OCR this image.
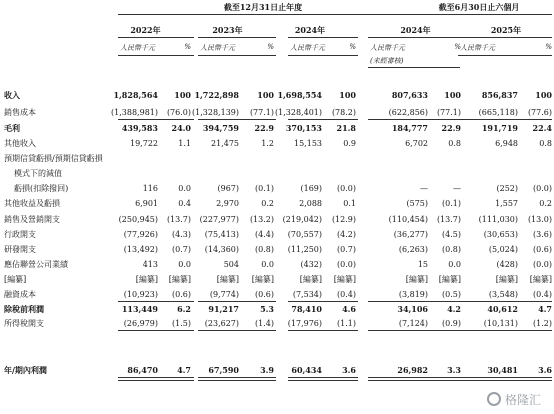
截至12月31日止年度	截至6月30日止六個月
2022年
人民幣千元	%
2023年
人民幣千元	%
2024年
人民幣千元	%
2024年
人民幣千元	%
2025年
人民幣千元	%
(未經審核)
收入	1,828,564	100 1,722,898	100 1,698,554	100	807,633	100	856,837	100
銷售成本	(1,388,981)	(76.0) (1,328,139)	(77.1) (1,328,401)	(78.2)	(622,856)	(77.1)	(665,118)	(77.6)
毛利	439,583	24.0	394,759	22.9	370,153	21.8	184,777	22.9	191,719	22.4
其他收入	19,722	1.1	21,475	1.2	15,153	0.9	6,702	0.8	6,948	0.8
預期信貸虧損/預期信貸虧損
模式下的減值
虧損(扣除撥回)	116	0.0	(967)	(0.1)	(169)	(0.0)	—	—	(252)	(0.0)
其他收益及虧損	6,901	0.4	2,970	0.2	2,088	0.1	(575)	(0.1)	1,557	0.2
銷售及營銷開支	(250,945)	(13.7)	(227,977)	(13.2)	(219,042)	(12.9)	(110,454)	(13.7)	(111,030)	(13.0)
行政開支	(77,926)	(4.3)	(75,413)	(4.4)	(70,557)	(4.2)	(36,277)	(4.5)	(30,653)	(3.6)
研發開支	(13,492)	(0.7)	(14,360)	(0.8)	(11,250)	(0.7)	(6,263)	(0.8)	(5,024)	(0.6)
應佔聯營公司業績	413	0.0	504	0.0	(432)	(0.0)	15	0.0	(428)	(0.0)
[編纂]	[編纂]	[編纂]	[編纂]	[編纂]	[編纂]	[編纂]	[編纂]	[編纂]	[編纂]	[編纂]
融資成本	(10,923)	(0.6)	(9,774)	(0.6)	(7,534)	(0.4)	(3,819)	(0.5)	(3,548)	(0.4)
除稅前利潤	113,449	6.2	91,217	5.3	78,410	4.6	34,106	4.2	40,612	4.7
所得稅開支	(26,979)	(1.5)	(23,627)	(1.4)	(17,976)	(1.1)	(7,124)	(0.9)	(10,131)	(1.2)
年/期內利潤	86,470	4.7	67,590	3.9	60,434	3.6	26,982	3.3	30,481	3.6
格隆汇
